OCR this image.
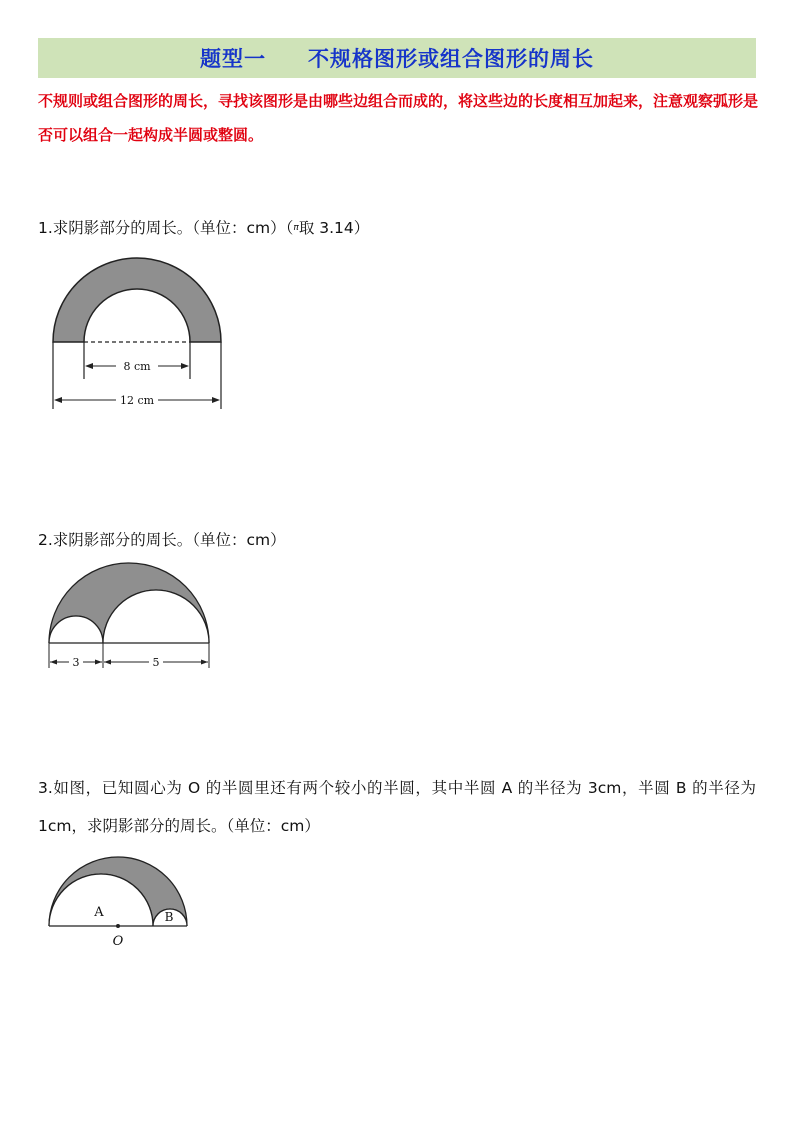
题型一 不规格图形或组合图形的周长
不规则或组合图形的周长，寻找该图形是由哪些边组合而成的，将这些边的长度相互加起来，注意观察弧形是否可以组合一起构成半圆或整圆。
1.求阴影部分的周长。（单位：cm）（π取 3.14）
8 cm
12 cm
2.求阴影部分的周长。（单位：cm）
3	5
3.如图，已知圆心为 O 的半圆里还有两个较小的半圆，其中半圆 A 的半径为 3cm，半圆 B 的半径为 1cm，求阴影部分的周长。（单位：cm）
A	B
O
